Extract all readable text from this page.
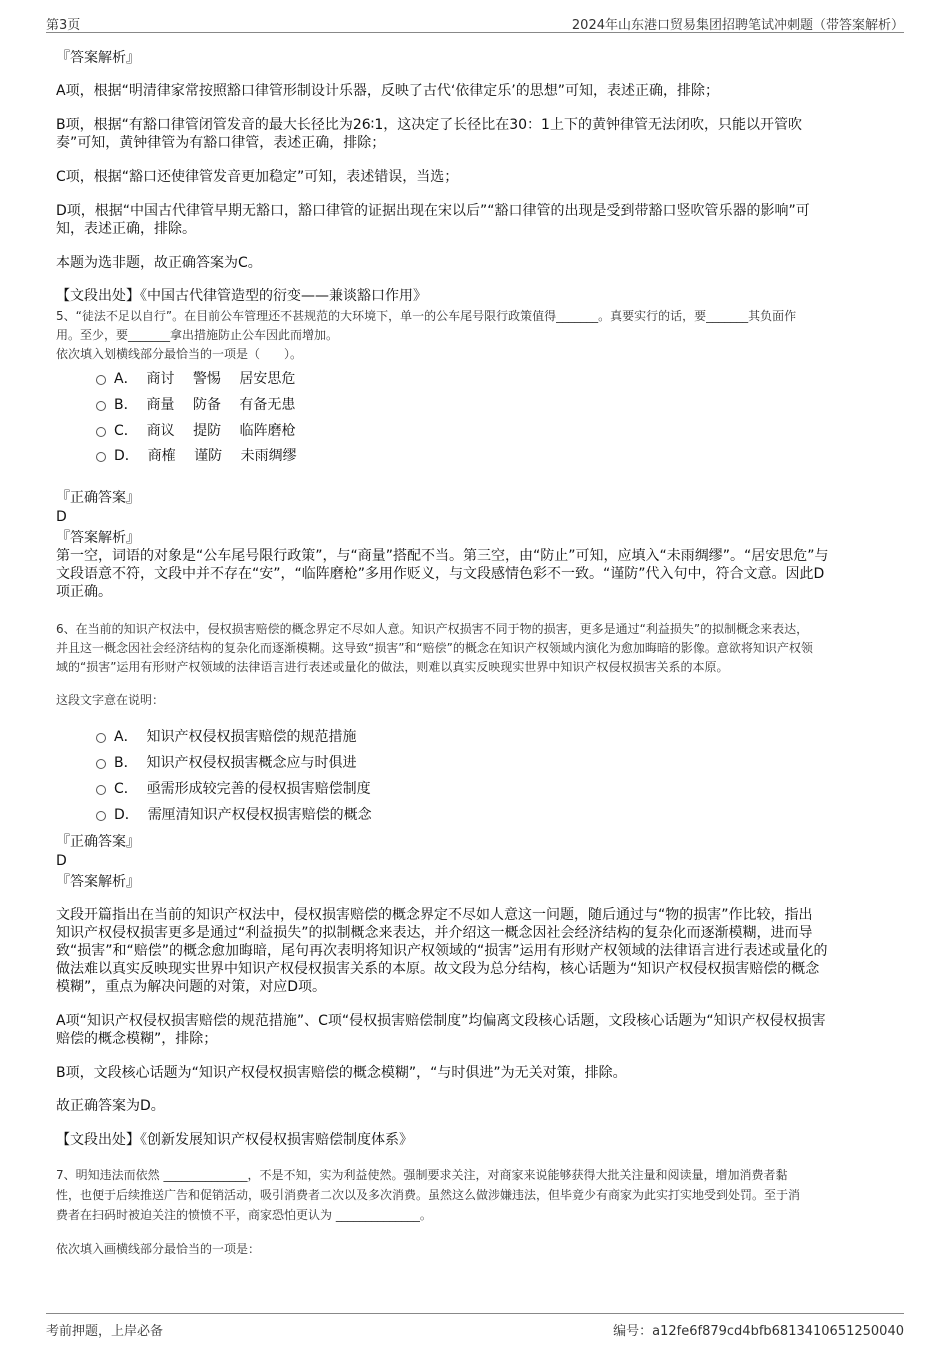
第3页	2024年山东港口贸易集团招聘笔试冲刺题（带答案解析）

『答案解析』

A项，根据“明清律家常按照豁口律管形制设计乐器，反映了古代‘依律定乐’的思想”可知，表述正确，排除；

B项，根据“有豁口律管闭管发音的最大长径比为26∶1，这决定了长径比在30：1上下的黄钟律管无法闭吹，只能以开管吹

奏”可知，黄钟律管为有豁口律管，表述正确，排除；

C项，根据“豁口还使律管发音更加稳定”可知，表述错误，当选；

D项，根据“中国古代律管早期无豁口，豁口律管的证据出现在宋以后”“豁口律管的出现是受到带豁口竖吹管乐器的影响”可

知，表述正确，排除。

本题为选非题，故正确答案为C。

【文段出处】《中国古代律管造型的衍变——兼谈豁口作用》

5、“徒法不足以自行”。在目前公车管理还不甚规范的大环境下，单一的公车尾号限行政策值得_______。真要实行的话，要_______其负面作

用。至少，要_______拿出措施防止公车因此而增加。

依次填入划横线部分最恰当的一项是（　　）。

A． 商讨　 警惕　 居安思危
B． 商量　 防备　 有备无患
C． 商议　 提防　 临阵磨枪
D． 商榷　 谨防　 未雨绸缪

『正确答案』

D

『答案解析』

第一空，词语的对象是“公车尾号限行政策”，与“商量”搭配不当。第三空，由“防止”可知，应填入“未雨绸缪”。“居安思危”与

文段语意不符，文段中并不存在“安”，“临阵磨枪”多用作贬义，与文段感情色彩不一致。“谨防”代入句中，符合文意。因此D

项正确。

6、在当前的知识产权法中，侵权损害赔偿的概念界定不尽如人意。知识产权损害不同于物的损害，更多是通过“利益损失”的拟制概念来表达，

并且这一概念因社会经济结构的复杂化而逐渐模糊。这导致“损害”和“赔偿”的概念在知识产权领域内演化为愈加晦暗的影像。意欲将知识产权领

域的“损害”运用有形财产权领域的法律语言进行表述或量化的做法，则难以真实反映现实世界中知识产权侵权损害关系的本原。

这段文字意在说明：

A． 知识产权侵权损害赔偿的规范措施
B． 知识产权侵权损害概念应与时俱进
C． 亟需形成较完善的侵权损害赔偿制度
D． 需厘清知识产权侵权损害赔偿的概念

『正确答案』

D

『答案解析』

文段开篇指出在当前的知识产权法中，侵权损害赔偿的概念界定不尽如人意这一问题，随后通过与“物的损害”作比较，指出

知识产权侵权损害更多是通过“利益损失”的拟制概念来表达，并介绍这一概念因社会经济结构的复杂化而逐渐模糊，进而导

致“损害”和“赔偿”的概念愈加晦暗，尾句再次表明将知识产权领域的“损害”运用有形财产权领域的法律语言进行表述或量化的

做法难以真实反映现实世界中知识产权侵权损害关系的本原。故文段为总分结构，核心话题为“知识产权侵权损害赔偿的概念

模糊”，重点为解决问题的对策，对应D项。

A项“知识产权侵权损害赔偿的规范措施”、C项“侵权损害赔偿制度”均偏离文段核心话题，文段核心话题为“知识产权侵权损害

赔偿的概念模糊”，排除；

B项，文段核心话题为“知识产权侵权损害赔偿的概念模糊”，“与时俱进”为无关对策，排除。

故正确答案为D。

【文段出处】《创新发展知识产权侵权损害赔偿制度体系》

7、明知违法而依然 ______________，不是不知，实为利益使然。强制要求关注，对商家来说能够获得大批关注量和阅读量，增加消费者黏

性，也便于后续推送广告和促销活动，吸引消费者二次以及多次消费。虽然这么做涉嫌违法，但毕竟少有商家为此实打实地受到处罚。至于消

费者在扫码时被迫关注的愤愤不平，商家恐怕更认为 ______________。

依次填入画横线部分最恰当的一项是：

考前押题，上岸必备	编号：a12fe6f879cd4bfb6813410651250040
